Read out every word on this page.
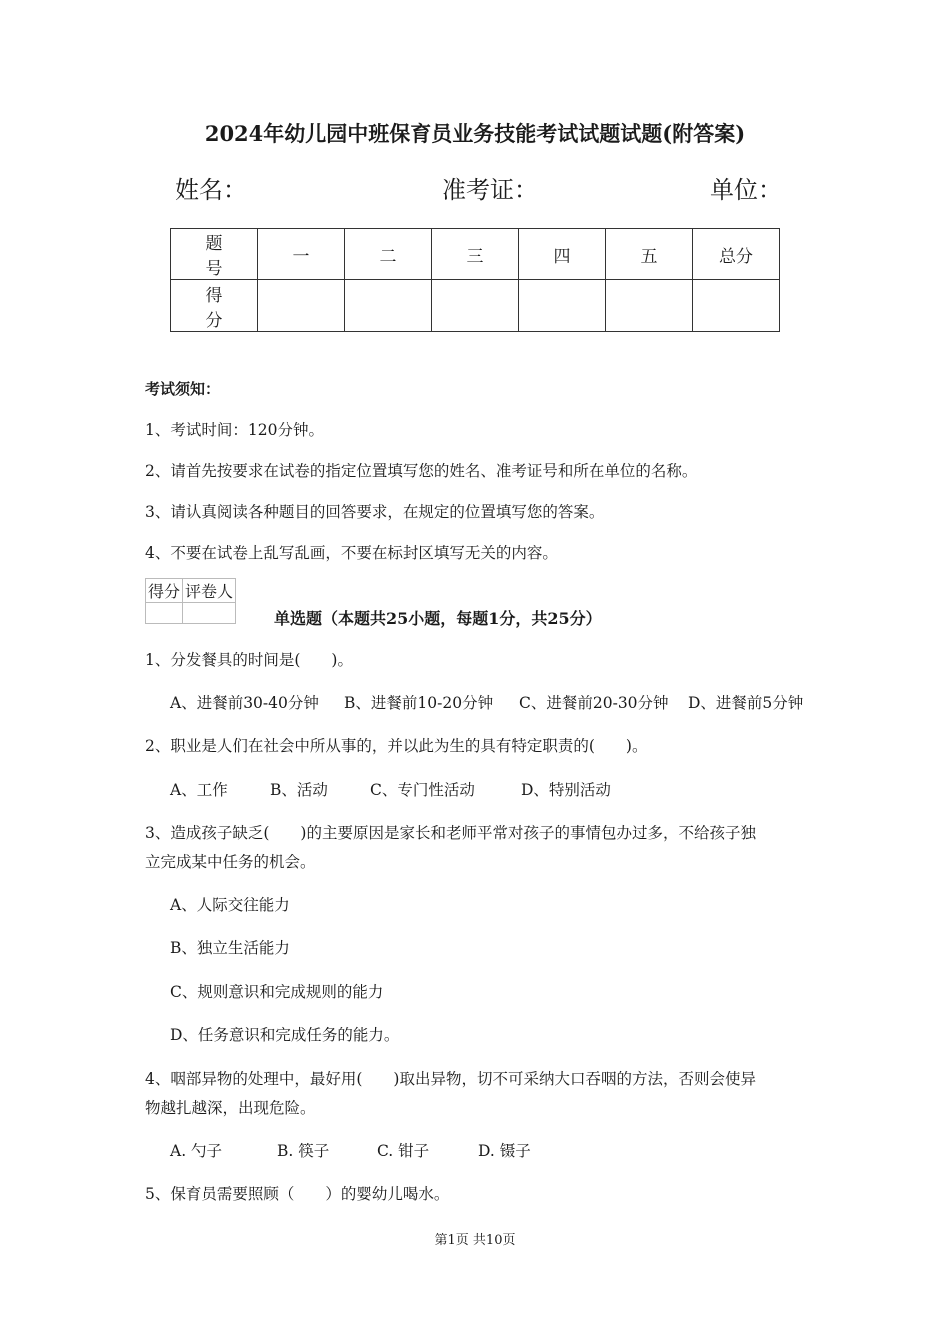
2024年幼儿园中班保育员业务技能考试试题试题(附答案)
姓名：	准考证：	单位：
题　号	一	二	三	四	五	总分
得　分						
考试须知：
1、考试时间：120分钟。
2、请首先按要求在试卷的指定位置填写您的姓名、准考证号和所在单位的名称。
3、请认真阅读各种题目的回答要求，在规定的位置填写您的答案。
4、不要在试卷上乱写乱画，不要在标封区填写无关的内容。
得分	评卷人

单选题（本题共25小题，每题1分，共25分）
1、分发餐具的时间是(　　)。
A、进餐前30-40分钟 B、进餐前10-20分钟 C、进餐前20-30分钟 D、进餐前5分钟
2、职业是人们在社会中所从事的，并以此为生的具有特定职责的(　　)。
A、工作	B、活动	C、专门性活动	D、特别活动
3、造成孩子缺乏(　　)的主要原因是家长和老师平常对孩子的事情包办过多，不给孩子独
立完成某中任务的机会。
A、人际交往能力
B、独立生活能力
C、规则意识和完成规则的能力
D、任务意识和完成任务的能力。
4、咽部异物的处理中，最好用(　　)取出异物，切不可采纳大口吞咽的方法，否则会使异
物越扎越深，出现危险。
A. 勺子	B. 筷子	C. 钳子	D. 镊子
5、保育员需要照顾（　　）的婴幼儿喝水。
第1页 共10页
